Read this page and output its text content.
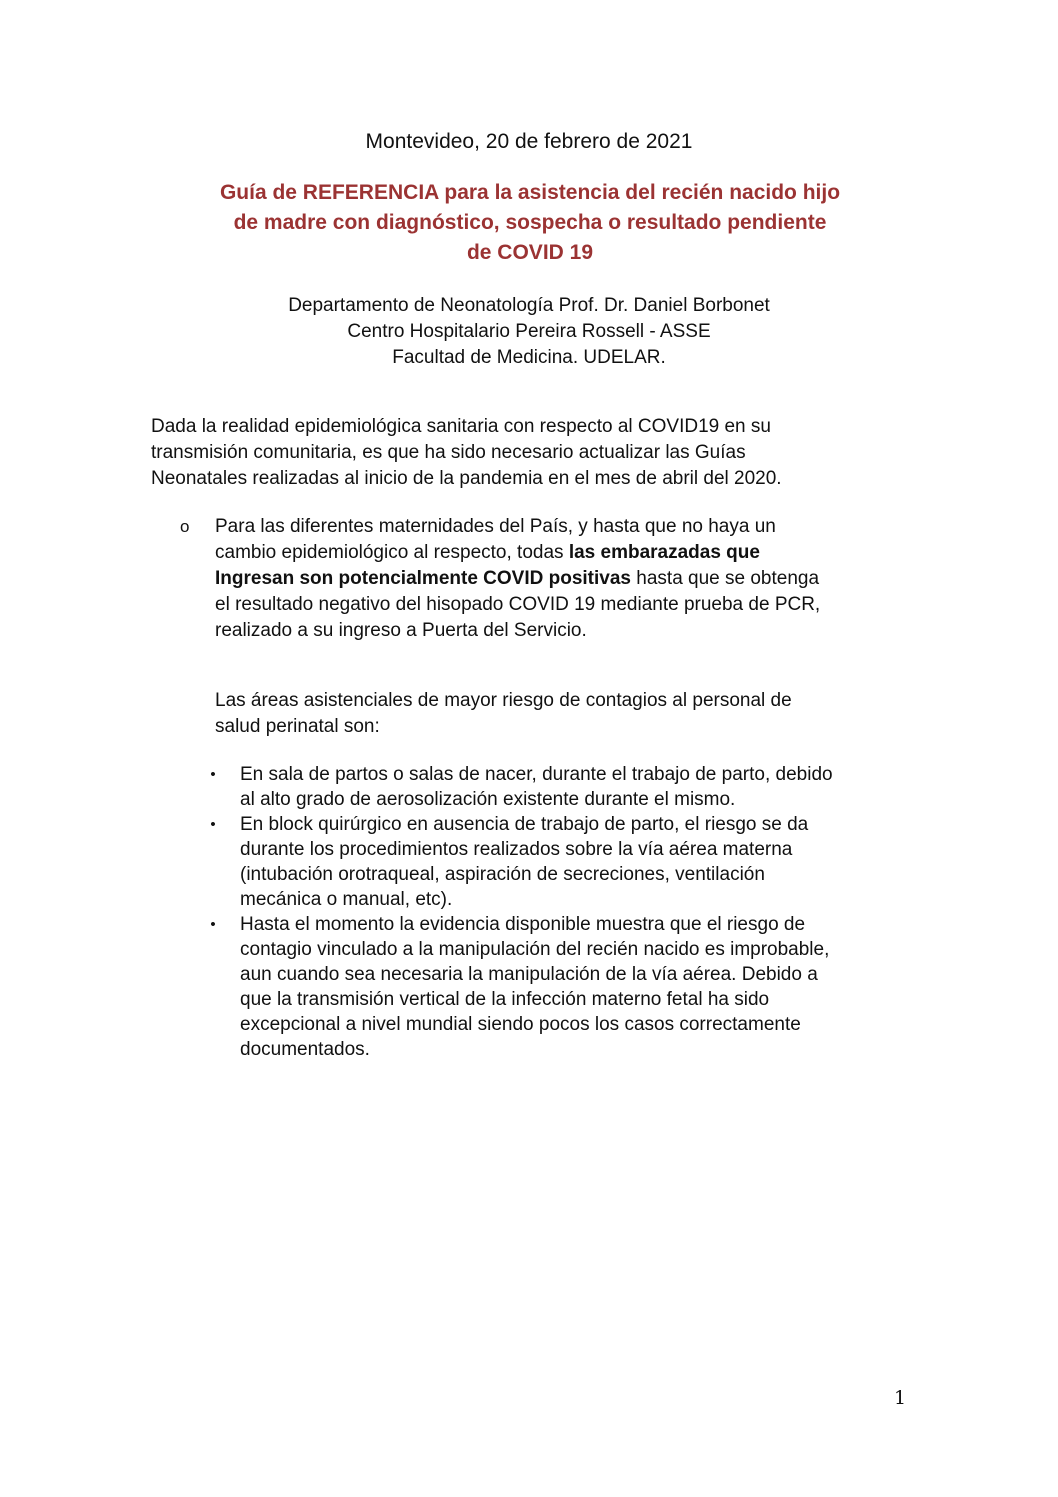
Montevideo, 20 de febrero de 2021
Guía de REFERENCIA para la asistencia del recién nacido hijo
de madre con diagnóstico, sospecha o resultado pendiente
de COVID 19
Departamento de Neonatología Prof. Dr. Daniel Borbonet
Centro Hospitalario Pereira Rossell - ASSE
Facultad de Medicina. UDELAR.
Dada la realidad epidemiológica sanitaria con respecto al COVID19 en su
transmisión comunitaria, es que ha sido necesario actualizar las Guías
Neonatales realizadas al inicio de la pandemia en el mes de abril del 2020.
o	Para las diferentes maternidades del País, y hasta que no haya un
cambio epidemiológico al respecto, todas las embarazadas que
Ingresan son potencialmente COVID positivas hasta que se obtenga
el resultado negativo del hisopado COVID 19 mediante prueba de PCR,
realizado a su ingreso a Puerta del Servicio.
Las áreas asistenciales de mayor riesgo de contagios al personal de
salud perinatal son:
• En sala de partos o salas de nacer, durante el trabajo de parto, debido
al alto grado de aerosolización existente durante el mismo.
• En block quirúrgico en ausencia de trabajo de parto, el riesgo se da
durante los procedimientos realizados sobre la vía aérea materna
(intubación orotraqueal, aspiración de secreciones, ventilación
mecánica o manual, etc).
• Hasta el momento la evidencia disponible muestra que el riesgo de
contagio vinculado a la manipulación del recién nacido es improbable,
aun cuando sea necesaria la manipulación de la vía aérea. Debido a
que la transmisión vertical de la infección materno fetal ha sido
excepcional a nivel mundial siendo pocos los casos correctamente
documentados.
1
